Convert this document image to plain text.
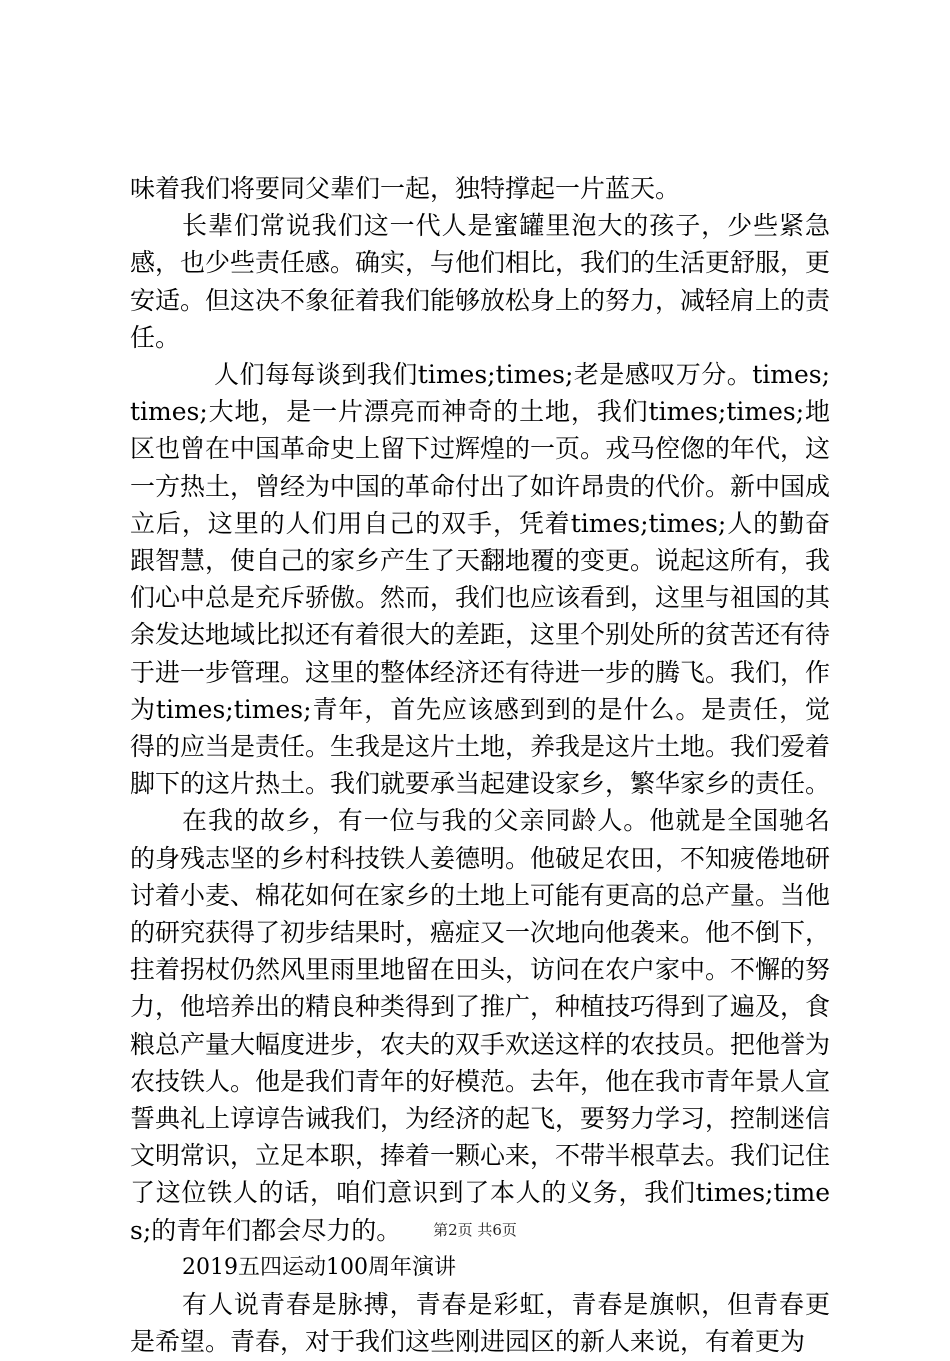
味着我们将要同父辈们一起，独特撑起一片蓝天。

长辈们常说我们这一代人是蜜罐里泡大的孩子，少些紧急感，也少些责任感。确实，与他们相比，我们的生活更舒服，更安适。但这决不象征着我们能够放松身上的努力，减轻肩上的责任。

人们每每谈到我们times;times;老是感叹万分。times;times;大地，是一片漂亮而神奇的土地，我们times;times;地区也曾在中国革命史上留下过辉煌的一页。戎马倥偬的年代，这一方热土，曾经为中国的革命付出了如许昂贵的代价。新中国成立后，这里的人们用自己的双手，凭着times;times;人的勤奋跟智慧，使自己的家乡产生了天翻地覆的变更。说起这所有，我们心中总是充斥骄傲。然而，我们也应该看到，这里与祖国的其余发达地域比拟还有着很大的差距，这里个别处所的贫苦还有待于进一步管理。这里的整体经济还有待进一步的腾飞。我们，作为times;times;青年，首先应该感到到的是什么。是责任，觉得的应当是责任。生我是这片土地，养我是这片土地。我们爱着脚下的这片热土。我们就要承当起建设家乡，繁华家乡的责任。

在我的故乡，有一位与我的父亲同龄人。他就是全国驰名的身残志坚的乡村科技铁人姜德明。他破足农田，不知疲倦地研讨着小麦、棉花如何在家乡的土地上可能有更高的总产量。当他的研究获得了初步结果时，癌症又一次地向他袭来。他不倒下，拄着拐杖仍然风里雨里地留在田头，访问在农户家中。不懈的努力，他培养出的精良种类得到了推广，种植技巧得到了遍及，食粮总产量大幅度进步，农夫的双手欢送这样的农技员。把他誉为农技铁人。他是我们青年的好模范。去年，他在我市青年景人宣誓典礼上谆谆告诫我们，为经济的起飞，要努力学习，控制迷信文明常识，立足本职，捧着一颗心来，不带半根草去。我们记住了这位铁人的话，咱们意识到了本人的义务，我们times;times;的青年们都会尽力的。

2019五四运动100周年演讲

有人说青春是脉搏，青春是彩虹，青春是旗帜，但青春更是希望。青春，对于我们这些刚进园区的新人来说，有着更为

第2页 共6页
